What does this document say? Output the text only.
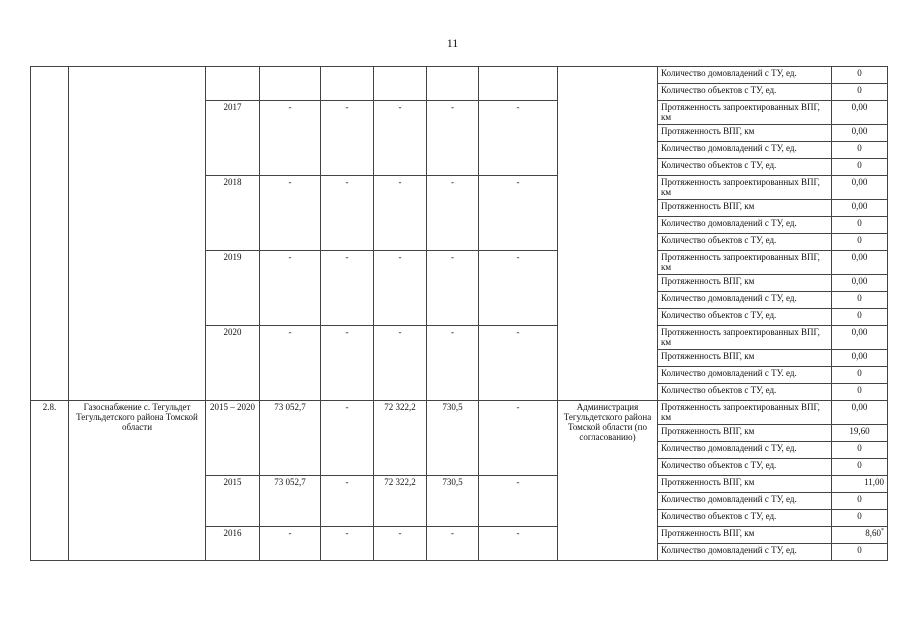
11
									Количество домовладений с ТУ, ед.	0
									Количество объектов с ТУ, ед.	0
		2017	-	-	-	-	-		Протяженность запроектированных ВПГ, км	0,00
									Протяженность ВПГ, км	0,00
									Количество домовладений с ТУ, ед.	0
									Количество объектов с ТУ, ед.	0
		2018	-	-	-	-	-		Протяженность запроектированных ВПГ, км	0,00
									Протяженность ВПГ, км	0,00
									Количество домовладений с ТУ, ед.	0
									Количество объектов с ТУ, ед.	0
		2019	-	-	-	-	-		Протяженность запроектированных ВПГ, км	0,00
									Протяженность ВПГ, км	0,00
									Количество домовладений с ТУ, ед.	0
									Количество объектов с ТУ, ед.	0
		2020	-	-	-	-	-		Протяженность запроектированных ВПГ, км	0,00
									Протяженность ВПГ, км	0,00
									Количество домовладений с ТУ. ед.	0
									Количество объектов с ТУ, ед.	0
2.8.	Газоснабжение с. Тегульдет Тегульдетского района Томской области	2015 – 2020	73 052,7	-	72 322,2	730,5	-	Администрация Тегульдетского района Томской области (по согласованию)	Протяженность запроектированных ВПГ, км	0,00
									Протяженность ВПГ, км	19,60
									Количество домовладений с ТУ, ед.	0
									Количество объектов с ТУ, ед.	0
		2015	73 052,7	-	72 322,2	730,5	-		Протяженность ВПГ, км	11,00
									Количество домовладений с ТУ, ед.	0
									Количество объектов с ТУ, ед.	0
		2016	-	-	-	-	-		Протяженность ВПГ, км	8,60*
									Количество домовладений с ТУ, ед.	0
